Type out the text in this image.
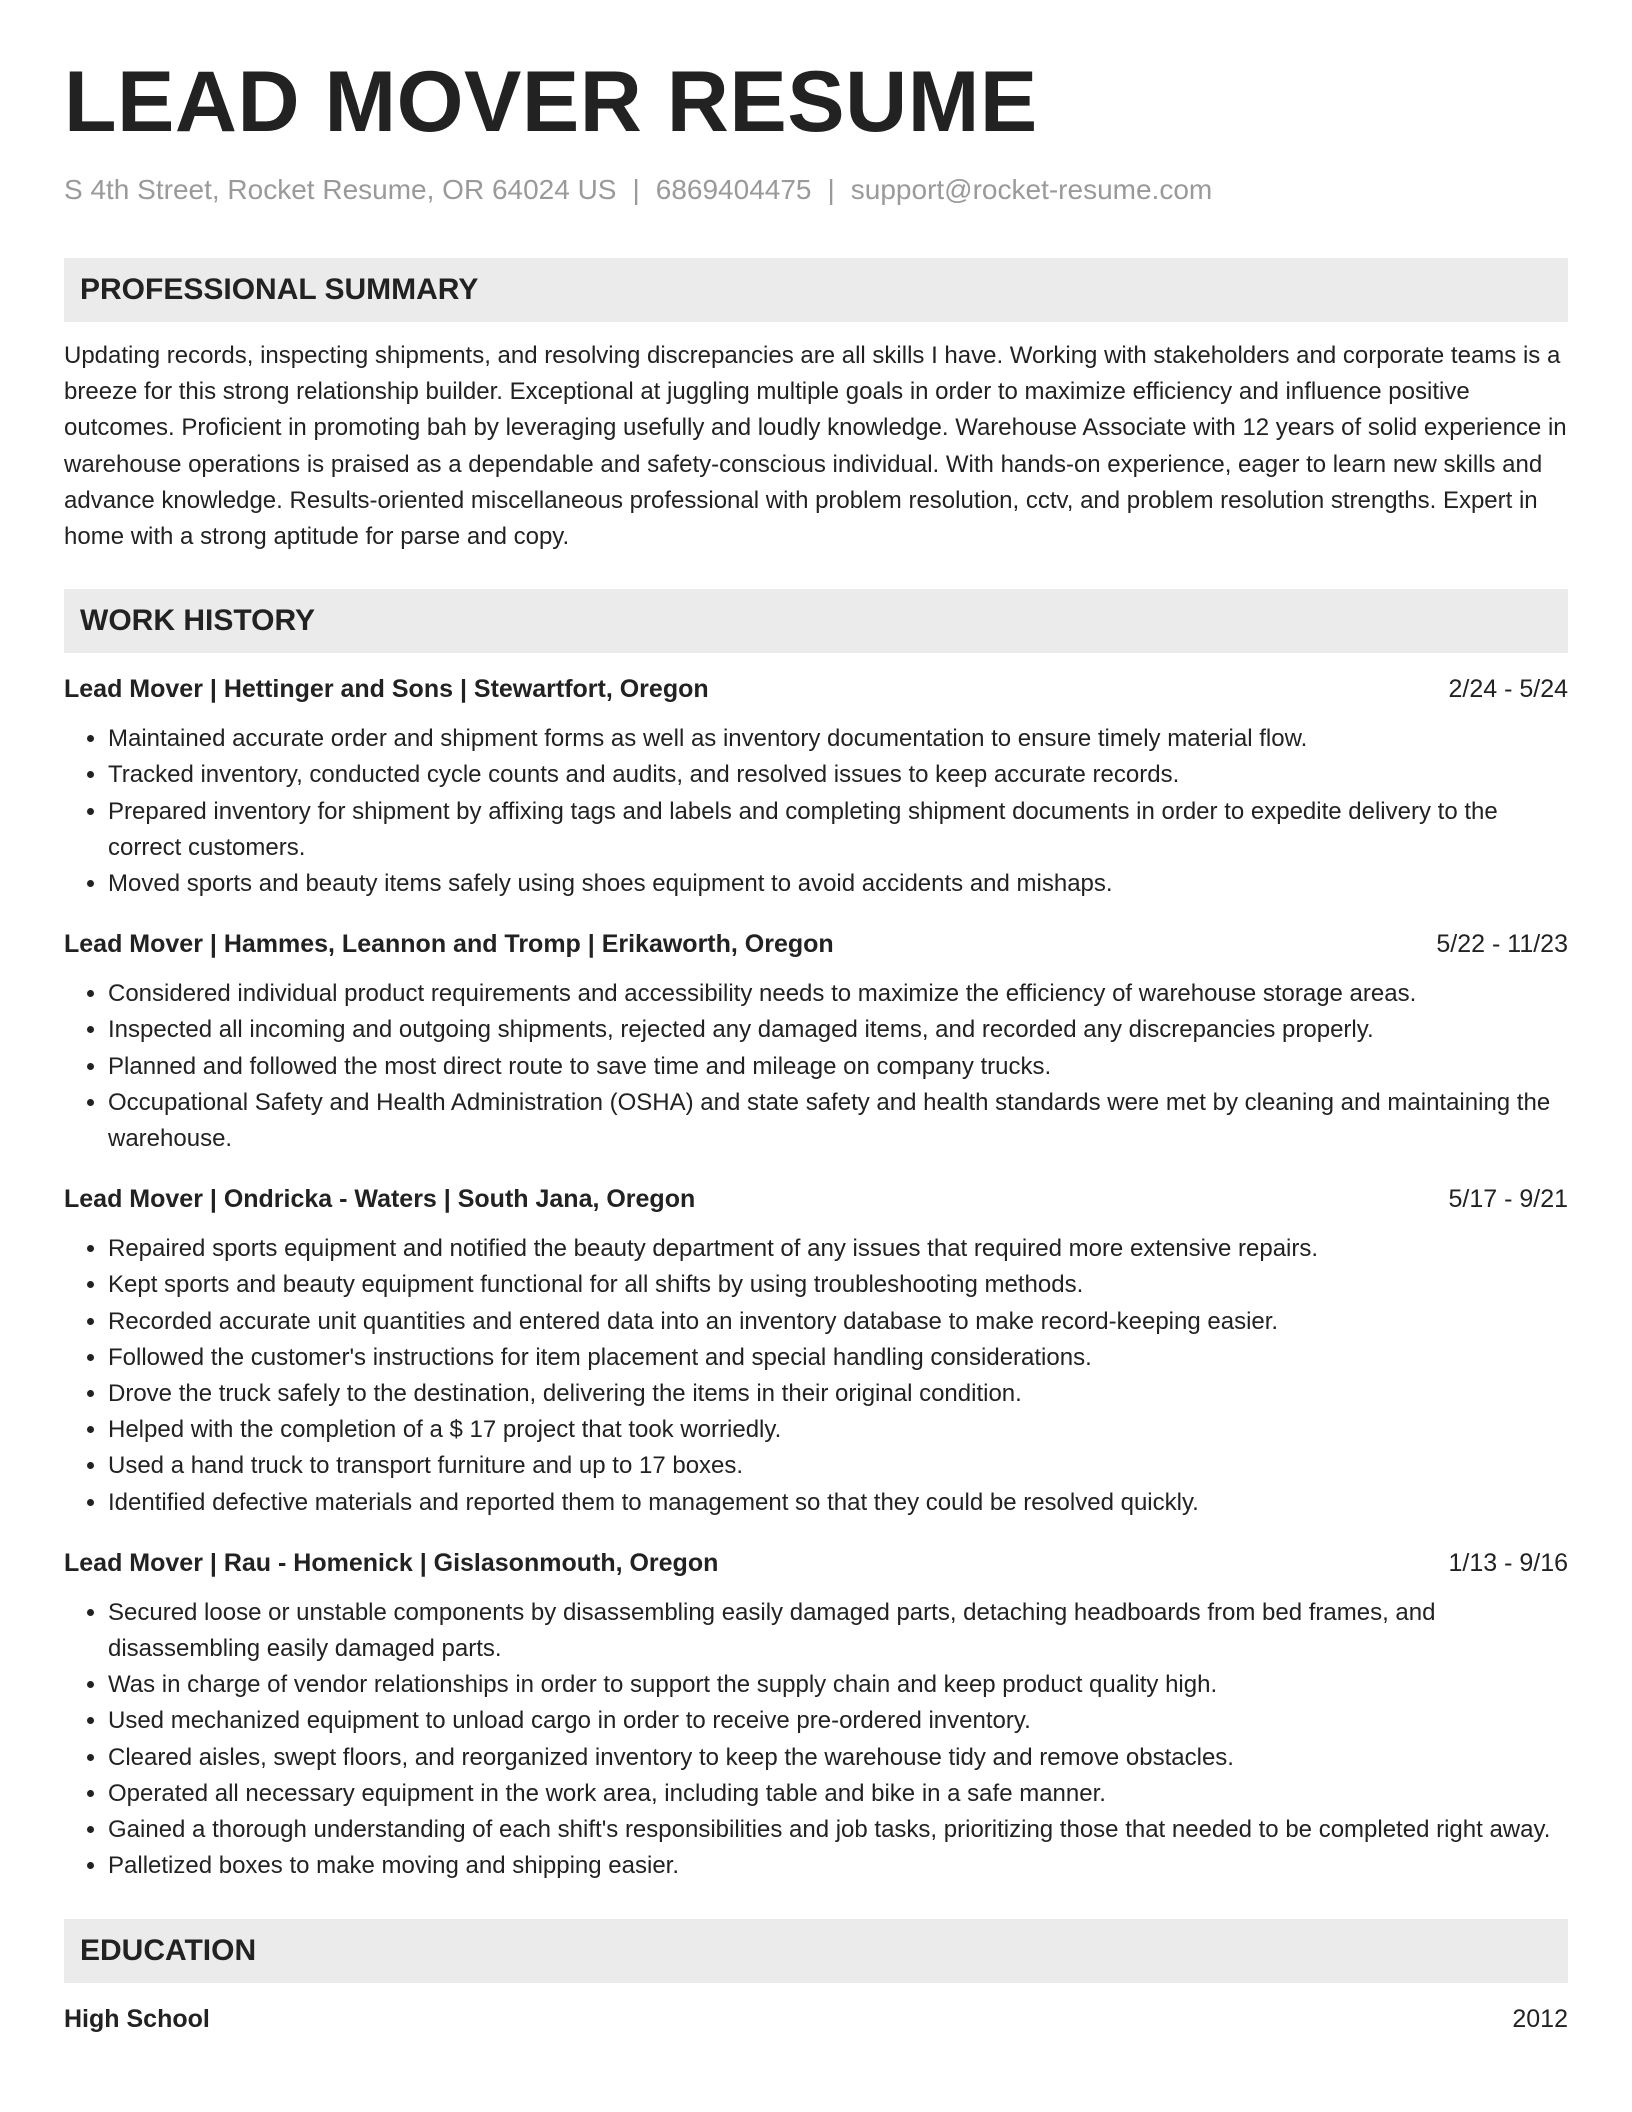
LEAD MOVER RESUME
S 4th Street, Rocket Resume, OR 64024 US | 6869404475 | support@rocket-resume.com
PROFESSIONAL SUMMARY
Updating records, inspecting shipments, and resolving discrepancies are all skills I have. Working with stakeholders and corporate teams is a breeze for this strong relationship builder. Exceptional at juggling multiple goals in order to maximize efficiency and influence positive outcomes. Proficient in promoting bah by leveraging usefully and loudly knowledge. Warehouse Associate with 12 years of solid experience in warehouse operations is praised as a dependable and safety-conscious individual. With hands-on experience, eager to learn new skills and advance knowledge. Results-oriented miscellaneous professional with problem resolution, cctv, and problem resolution strengths. Expert in home with a strong aptitude for parse and copy.
WORK HISTORY
Lead Mover | Hettinger and Sons | Stewartfort, Oregon	2/24 - 5/24
• Maintained accurate order and shipment forms as well as inventory documentation to ensure timely material flow.
• Tracked inventory, conducted cycle counts and audits, and resolved issues to keep accurate records.
• Prepared inventory for shipment by affixing tags and labels and completing shipment documents in order to expedite delivery to the correct customers.
• Moved sports and beauty items safely using shoes equipment to avoid accidents and mishaps.
Lead Mover | Hammes, Leannon and Tromp | Erikaworth, Oregon	5/22 - 11/23
• Considered individual product requirements and accessibility needs to maximize the efficiency of warehouse storage areas.
• Inspected all incoming and outgoing shipments, rejected any damaged items, and recorded any discrepancies properly.
• Planned and followed the most direct route to save time and mileage on company trucks.
• Occupational Safety and Health Administration (OSHA) and state safety and health standards were met by cleaning and maintaining the warehouse.
Lead Mover | Ondricka - Waters | South Jana, Oregon	5/17 - 9/21
• Repaired sports equipment and notified the beauty department of any issues that required more extensive repairs.
• Kept sports and beauty equipment functional for all shifts by using troubleshooting methods.
• Recorded accurate unit quantities and entered data into an inventory database to make record-keeping easier.
• Followed the customer's instructions for item placement and special handling considerations.
• Drove the truck safely to the destination, delivering the items in their original condition.
• Helped with the completion of a $ 17 project that took worriedly.
• Used a hand truck to transport furniture and up to 17 boxes.
• Identified defective materials and reported them to management so that they could be resolved quickly.
Lead Mover | Rau - Homenick | Gislasonmouth, Oregon	1/13 - 9/16
• Secured loose or unstable components by disassembling easily damaged parts, detaching headboards from bed frames, and disassembling easily damaged parts.
• Was in charge of vendor relationships in order to support the supply chain and keep product quality high.
• Used mechanized equipment to unload cargo in order to receive pre-ordered inventory.
• Cleared aisles, swept floors, and reorganized inventory to keep the warehouse tidy and remove obstacles.
• Operated all necessary equipment in the work area, including table and bike in a safe manner.
• Gained a thorough understanding of each shift's responsibilities and job tasks, prioritizing those that needed to be completed right away.
• Palletized boxes to make moving and shipping easier.
EDUCATION
High School	2012
